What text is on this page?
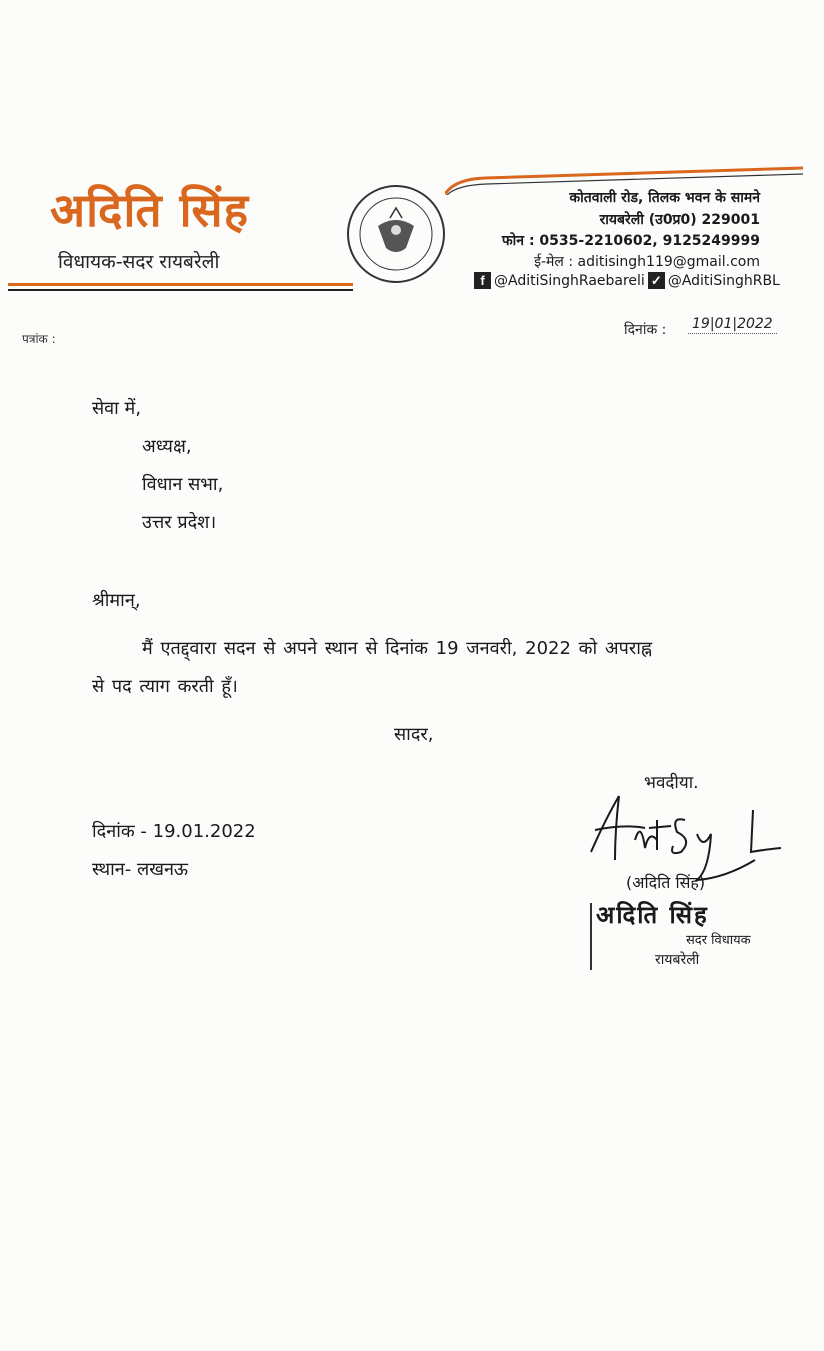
अदिति सिंह
विधायक-सदर रायबरेली
कोतवाली रोड, तिलक भवन के सामने
रायबरेली (उ0प्र0) 229001
फोन : 0535-2210602, 9125249999
ई-मेल : aditisingh119@gmail.com
f @AditiSinghRaebareli ✓ @AditiSinghRBL
पत्रांक :
दिनांक : 19|01|2022
सेवा में,
अध्यक्ष,
विधान सभा,
उत्तर प्रदेश।
श्रीमान्,
मैं एतद्द्वारा सदन से अपने स्थान से दिनांक 19 जनवरी, 2022 को अपराह्न
से पद त्याग करती हूँ।
सादर,
भवदीया.
दिनांक - 19.01.2022
स्थान- लखनऊ
(अदिति सिंह)
अदिति सिंह
सदर विधायक
रायबरेली
